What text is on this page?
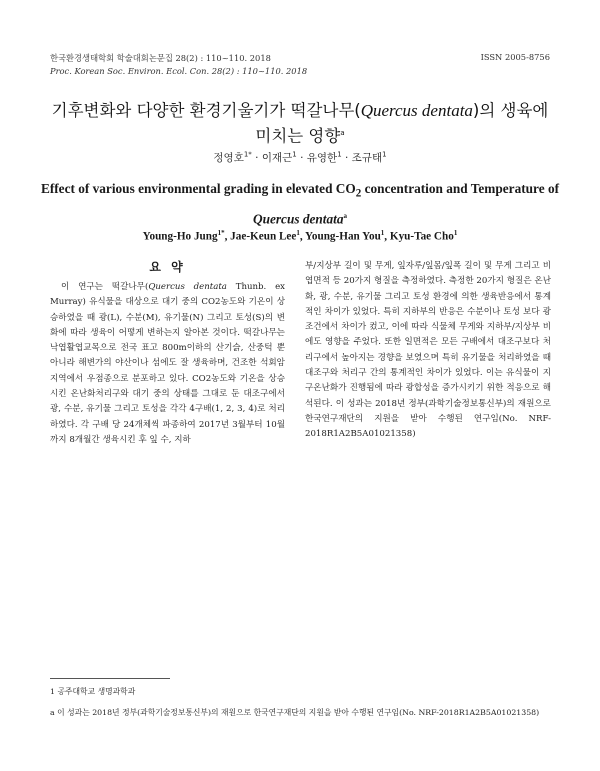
한국환경생태학회 학술대회논문집 28(2) : 110~110. 2018
Proc. Korean Soc. Environ. Ecol. Con. 28(2) : 110~110. 2018
ISSN 2005-8756
기후변화와 다양한 환경기울기가 떡갈나무(Quercus dentata)의 생육에
미치는 영향$^a$
정영호$^{1*}$ · 이재근$^1$ · 유영한$^1$ · 조규태$^1$
Effect of various environmental grading in elevated $CO_2$ concentration and Temperature of
Quercus dentata$^a$
Young-Ho Jung$^{1*}$, Jae-Keun Lee$^1$, Young-Han You$^1$, Kyu-Tae Cho$^1$
요 약
이 연구는 떡갈나무(Quercus dentata Thunb. ex Murray) 유식물을 대상으로 대기 중의 CO2농도와 기온이 상승하였을 때 광(L), 수분(M), 유기물(N) 그리고 토성(S)의 변화에 따라 생육이 어떻게 변하는지 알아본 것이다. 떡갈나무는 낙엽활엽교목으로 전국 표고 800m이하의 산기슭, 산중턱 뿐 아니라 해변가의 야산이나 섬에도 잘 생육하며, 건조한 석회암 지역에서 우점종으로 분포하고 있다. CO2농도와 기온을 상승시킨 온난화처리구와 대기 중의 상태를 그대로 둔 대조구에서 광, 수분, 유기물 그리고 토성을 각각 4구배(1, 2, 3, 4)로 처리하였다. 각 구배 당 24개체씩 파종하여 2017년 3월부터 10월까지 8개월간 생육시킨 후 잎 수, 지하
부/지상부 길이 및 무게, 잎자루/잎몸/잎폭 길이 및 무게 그리고 비엽면적 등 20가지 형질을 측정하였다. 측정한 20가지 형질은 온난화, 광, 수분, 유기물 그리고 토성 환경에 의한 생육반응에서 통계적인 차이가 있었다. 특히 지하부의 반응은 수분이나 토성 보다 광 조건에서 차이가 컸고, 이에 따라 식물체 무게와 지하부/지상부 비에도 영향을 주었다. 또한 일면적은 모든 구배에서 대조구보다 처리구에서 높아지는 경향을 보였으며 특히 유기물을 처리하였을 때 대조구와 처리구 간의 통계적인 차이가 있었다. 이는 유식물이 지구온난화가 진행됨에 따라 광합성을 증가시키기 위한 적응으로 해석된다. 이 성과는 2018년 정부(과학기술정보통신부)의 재원으로 한국연구재단의 지원을 받아 수행된 연구임(No. NRF-2018R1A2B5A01021358)
1 공주대학교 생명과학과
a 이 성과는 2018년 정부(과학기술정보통신부)의 재원으로 한국연구재단의 지원을 받아 수행된 연구임(No. NRF-2018R1A2B5A01021358)
